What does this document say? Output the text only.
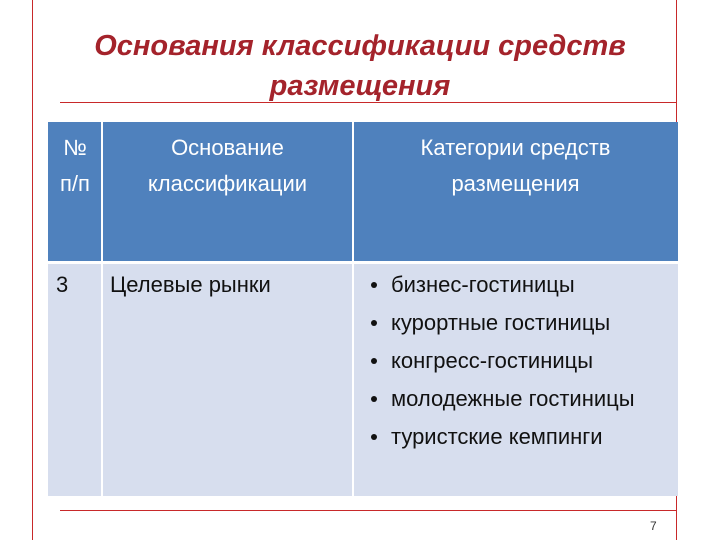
Основания классификации средств
размещения
№
п/п
Основание
классификации
Категории средств
размещения
3	Целевые рынки	бизнес-гостиницы
курортные гостиницы
конгресс-гостиницы
молодежные гостиницы
туристские кемпинги
7
